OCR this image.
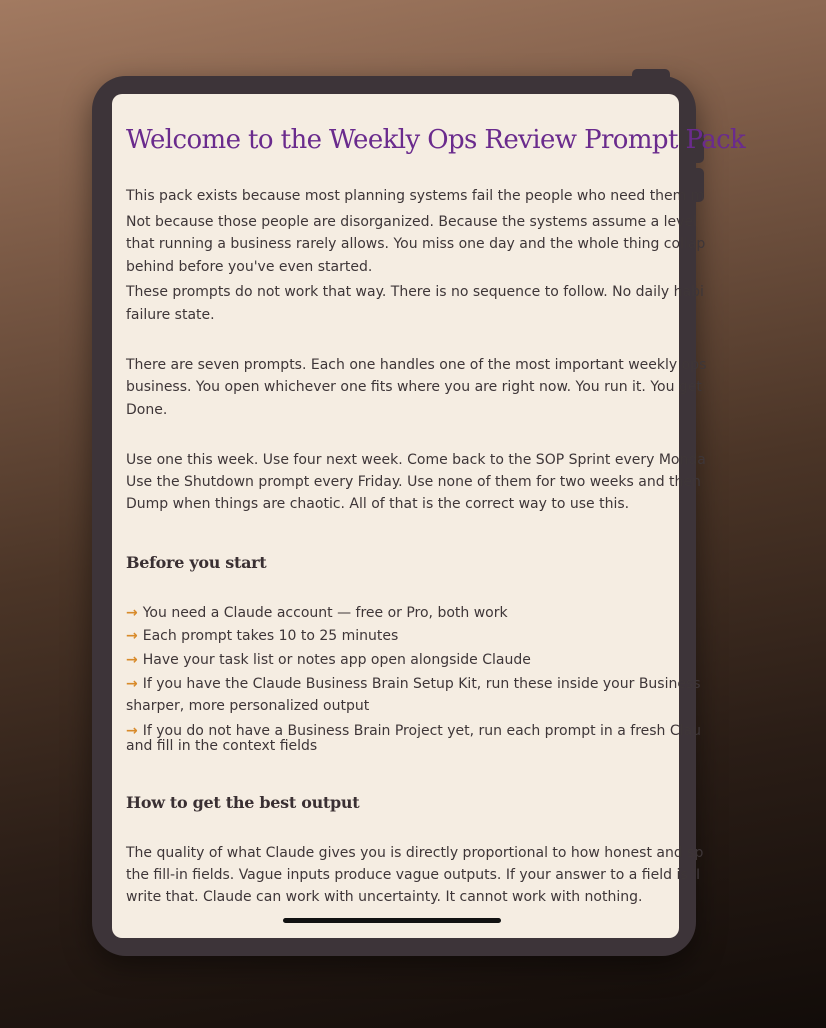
Welcome to the Weekly Ops Review Prompt Pack
This pack exists because most planning systems fail the people who need them m
Not because those people are disorganized. Because the systems assume a level
that running a business rarely allows. You miss one day and the whole thing collap
behind before you've even started.
These prompts do not work that way. There is no sequence to follow. No daily habi
failure state.
There are seven prompts. Each one handles one of the most important weekly ops
business. You open whichever one fits where you are right now. You run it. You get
Done.
Use one this week. Use four next week. Come back to the SOP Sprint every Monda
Use the Shutdown prompt every Friday. Use none of them for two weeks and then
Dump when things are chaotic. All of that is the correct way to use this.
Before you start
→ You need a Claude account — free or Pro, both work
→ Each prompt takes 10 to 25 minutes
→ Have your task list or notes app open alongside Claude
→ If you have the Claude Business Brain Setup Kit, run these inside your Business
sharper, more personalized output
→ If you do not have a Business Brain Project yet, run each prompt in a fresh Clau
and fill in the context fields
How to get the best output
The quality of what Claude gives you is directly proportional to how honest and sp
the fill-in fields. Vague inputs produce vague outputs. If your answer to a field is 'I
write that. Claude can work with uncertainty. It cannot work with nothing.
